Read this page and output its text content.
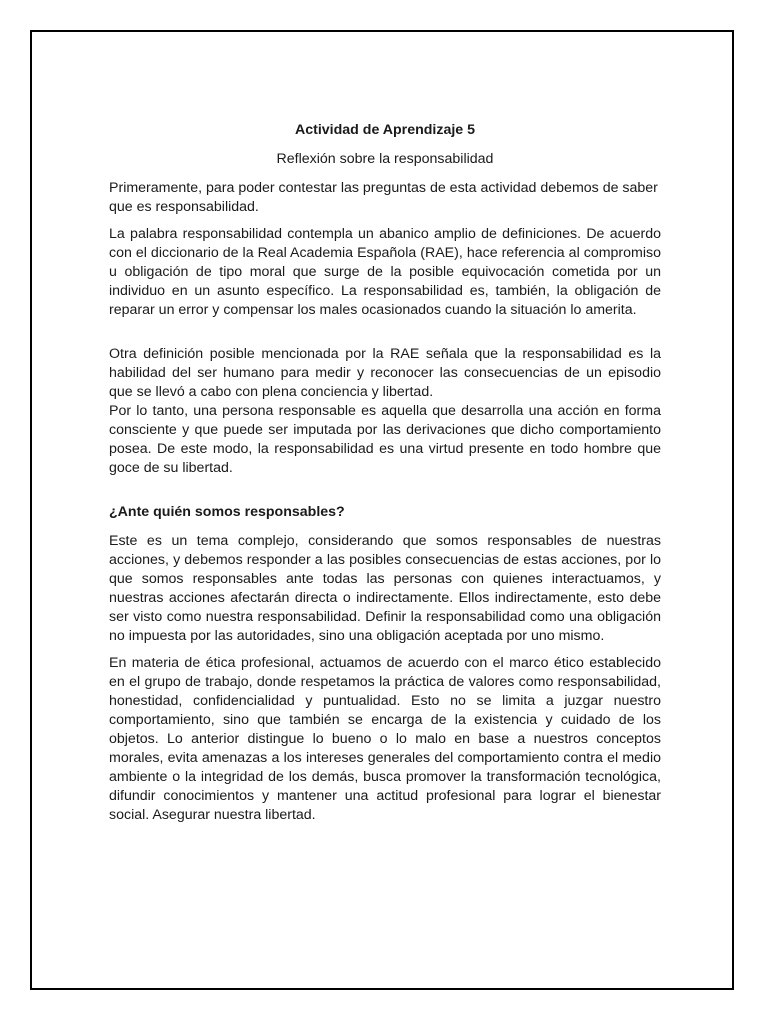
Actividad de Aprendizaje 5
Reflexión sobre la responsabilidad

Primeramente, para poder contestar las preguntas de esta actividad debemos de saber que es responsabilidad.

La palabra responsabilidad contempla un abanico amplio de definiciones. De acuerdo con el diccionario de la Real Academia Española (RAE), hace referencia al compromiso u obligación de tipo moral que surge de la posible equivocación cometida por un individuo en un asunto específico. La responsabilidad es, también, la obligación de reparar un error y compensar los males ocasionados cuando la situación lo amerita.

Otra definición posible mencionada por la RAE señala que la responsabilidad es la habilidad del ser humano para medir y reconocer las consecuencias de un episodio que se llevó a cabo con plena conciencia y libertad.

Por lo tanto, una persona responsable es aquella que desarrolla una acción en forma consciente y que puede ser imputada por las derivaciones que dicho comportamiento posea. De este modo, la responsabilidad es una virtud presente en todo hombre que goce de su libertad.

¿Ante quién somos responsables?

Este es un tema complejo, considerando que somos responsables de nuestras acciones, y debemos responder a las posibles consecuencias de estas acciones, por lo que somos responsables ante todas las personas con quienes interactuamos, y nuestras acciones afectarán directa o indirectamente. Ellos indirectamente, esto debe ser visto como nuestra responsabilidad. Definir la responsabilidad como una obligación no impuesta por las autoridades, sino una obligación aceptada por uno mismo.

En materia de ética profesional, actuamos de acuerdo con el marco ético establecido en el grupo de trabajo, donde respetamos la práctica de valores como responsabilidad, honestidad, confidencialidad y puntualidad. Esto no se limita a juzgar nuestro comportamiento, sino que también se encarga de la existencia y cuidado de los objetos. Lo anterior distingue lo bueno o lo malo en base a nuestros conceptos morales, evita amenazas a los intereses generales del comportamiento contra el medio ambiente o la integridad de los demás, busca promover la transformación tecnológica, difundir conocimientos y mantener una actitud profesional para lograr el bienestar social. Asegurar nuestra libertad.
